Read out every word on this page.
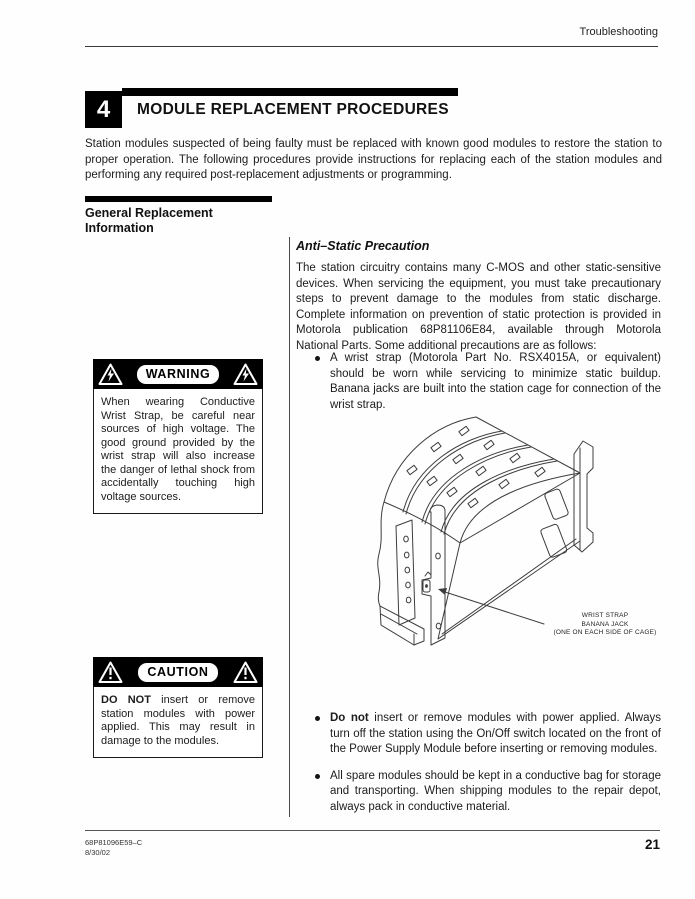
Troubleshooting
4 MODULE REPLACEMENT PROCEDURES
Station modules suspected of being faulty must be replaced with known good modules to restore the station to proper operation. The following procedures provide instructions for replacing each of the station modules and performing any required post-replacement adjustments or programming.
General Replacement
Information
Anti–Static Precaution
The station circuitry contains many C-MOS and other static-sensitive devices. When servicing the equipment, you must take precautionary steps to prevent damage to the modules from static discharge. Complete information on prevention of static protection is provided in Motorola publication 68P81106E84, available through Motorola National Parts. Some additional precautions are as follows:
A wrist strap (Motorola Part No. RSX4015A, or equivalent) should be worn while servicing to minimize static buildup. Banana jacks are built into the station cage for connection of the wrist strap.
WARNING
When wearing Conductive Wrist Strap, be careful near sources of high voltage. The good ground provided by the wrist strap will also increase the danger of lethal shock from accidentally touching high voltage sources.
CAUTION
DO NOT insert or remove station modules with power applied. This may result in damage to the modules.
WRIST STRAP
BANANA JACK
(ONE ON EACH SIDE OF CAGE)
Do not insert or remove modules with power applied. Always turn off the station using the On/Off switch located on the front of the Power Supply Module before inserting or removing modules.
All spare modules should be kept in a conductive bag for storage and transporting. When shipping modules to the repair depot, always pack in conductive material.
68P81096E59–C
8/30/02
21
